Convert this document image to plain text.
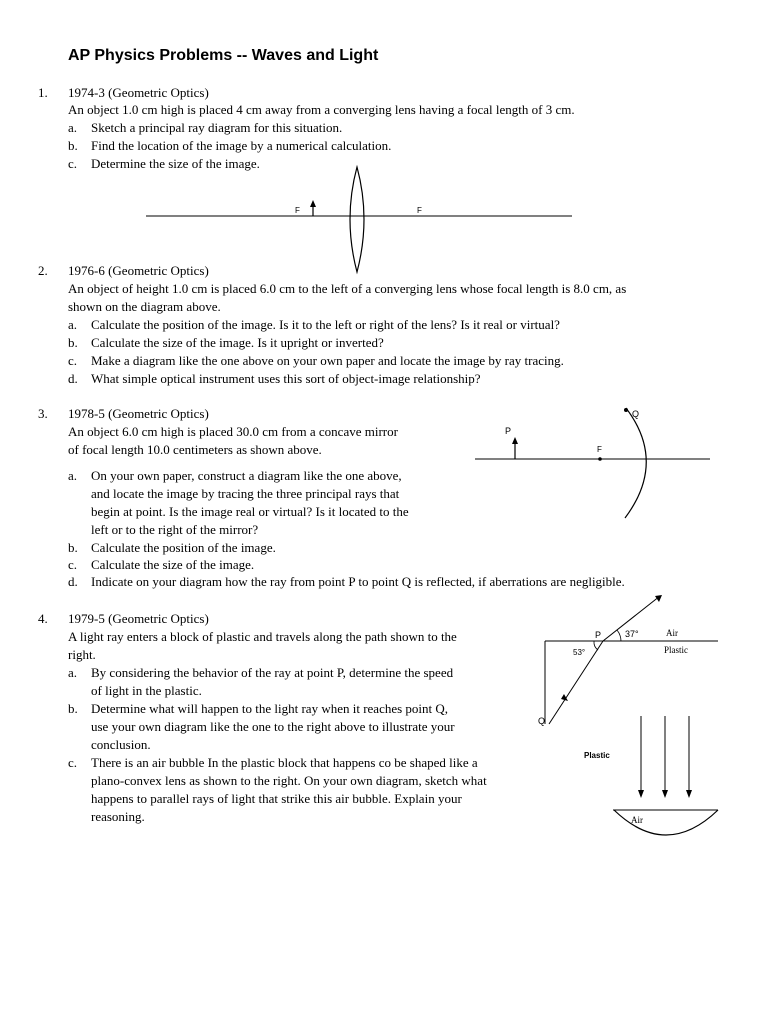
AP Physics Problems -- Waves and Light
1. 1974-3 (Geometric Optics)
An object 1.0 cm high is placed 4 cm away from a converging lens having a focal length of 3 cm.
a. Sketch a principal ray diagram for this situation.
b. Find the location of the image by a numerical calculation.
c. Determine the size of the image.
F	F
P
Q
F
P
Q
37°
53°
Air
Plastic
Plastic
Air
2. 1976-6 (Geometric Optics)
An object of height 1.0 cm is placed 6.0 cm to the left of a converging lens whose focal length is 8.0 cm, as
shown on the diagram above.
a. Calculate the position of the image. Is it to the left or right of the lens? Is it real or virtual?
b. Calculate the size of the image. Is it upright or inverted?
c. Make a diagram like the one above on your own paper and locate the image by ray tracing.
d. What simple optical instrument uses this sort of object-image relationship?
3. 1978-5 (Geometric Optics)
An object 6.0 cm high is placed 30.0 cm from a concave mirror
of focal length 10.0 centimeters as shown above.
a. On your own paper, construct a diagram like the one above,
and locate the image by tracing the three principal rays that
begin at point. Is the image real or virtual? Is it located to the
left or to the right of the mirror?
b. Calculate the position of the image.
c. Calculate the size of the image.
d. Indicate on your diagram how the ray from point P to point Q is reflected, if aberrations are negligible.
4. 1979-5 (Geometric Optics)
A light ray enters a block of plastic and travels along the path shown to the
right.
a. By considering the behavior of the ray at point P, determine the speed
of light in the plastic.
b. Determine what will happen to the light ray when it reaches point Q,
use your own diagram like the one to the right above to illustrate your
conclusion.
c. There is an air bubble In the plastic block that happens co be shaped like a
plano-convex lens as shown to the right. On your own diagram, sketch what
happens to parallel rays of light that strike this air bubble. Explain your
reasoning.
